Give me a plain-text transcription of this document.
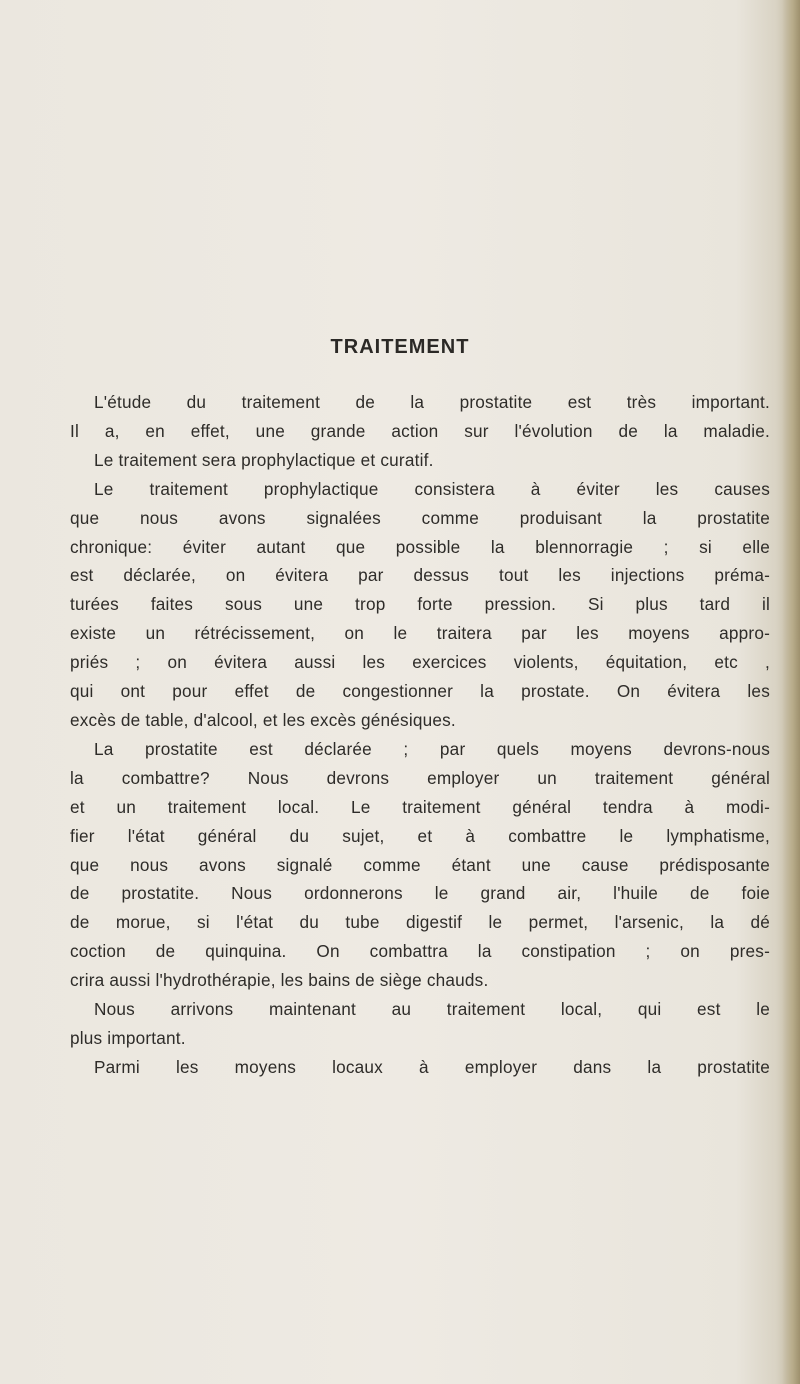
TRAITEMENT
L'étude du traitement de la prostatite est très important.
Il a, en effet, une grande action sur l'évolution de la maladie.
Le traitement sera prophylactique et curatif.
Le traitement prophylactique consistera à éviter les causes
que nous avons signalées comme produisant la prostatite
chronique: éviter autant que possible la blennorragie ; si elle
est déclarée, on évitera par dessus tout les injections préma-
turées faites sous une trop forte pression. Si plus tard il
existe un rétrécissement, on le traitera par les moyens appro-
priés ; on évitera aussi les exercices violents, équitation, etc ,
qui ont pour effet de congestionner la prostate. On évitera les
excès de table, d'alcool, et les excès génésiques.
La prostatite est déclarée ; par quels moyens devrons-nous
la combattre? Nous devrons employer un traitement général
et un traitement local. Le traitement général tendra à modi-
fier l'état général du sujet, et à combattre le lymphatisme,
que nous avons signalé comme étant une cause prédisposante
de prostatite. Nous ordonnerons le grand air, l'huile de foie
de morue, si l'état du tube digestif le permet, l'arsenic, la dé
coction de quinquina. On combattra la constipation ; on pres-
crira aussi l'hydrothérapie, les bains de siège chauds.
Nous arrivons maintenant au traitement local, qui est le
plus important.
Parmi les moyens locaux à employer dans la prostatite
